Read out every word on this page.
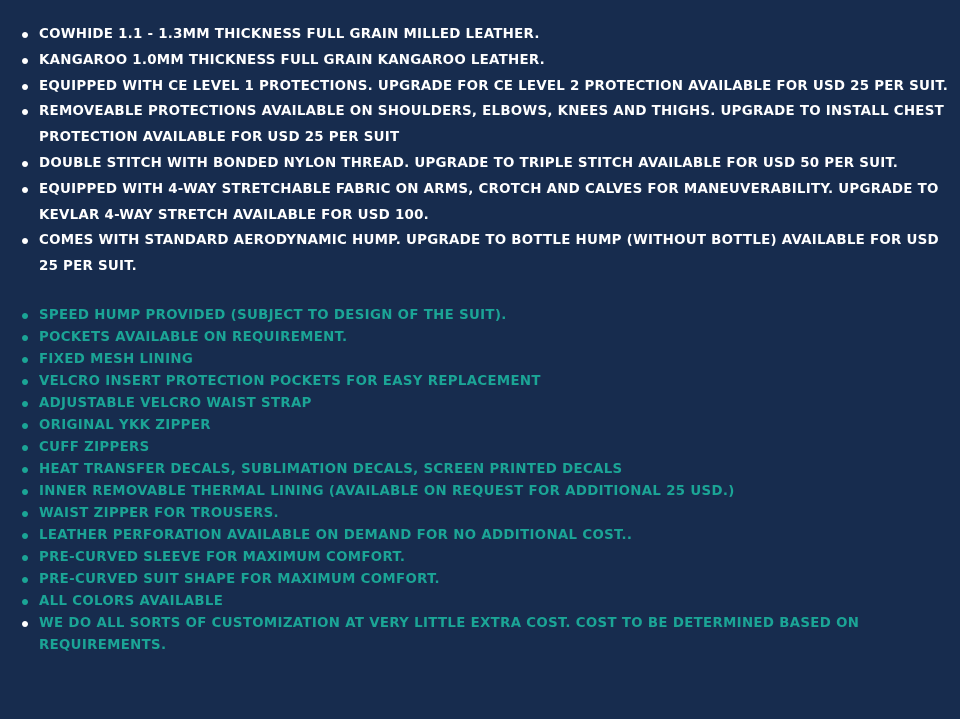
COWHIDE 1.1 - 1.3MM THICKNESS FULL GRAIN MILLED LEATHER.
KANGAROO 1.0MM THICKNESS FULL GRAIN KANGAROO LEATHER.
EQUIPPED WITH CE LEVEL 1 PROTECTIONS. UPGRADE FOR CE LEVEL 2 PROTECTION AVAILABLE FOR USD 25 PER SUIT.
REMOVEABLE PROTECTIONS AVAILABLE ON SHOULDERS, ELBOWS, KNEES AND THIGHS. UPGRADE TO INSTALL CHEST PROTECTION AVAILABLE FOR USD 25 PER SUIT
DOUBLE STITCH WITH BONDED NYLON THREAD. UPGRADE TO TRIPLE STITCH AVAILABLE FOR USD 50 PER SUIT.
EQUIPPED WITH 4-WAY STRETCHABLE FABRIC ON ARMS, CROTCH AND CALVES FOR MANEUVERABILITY. UPGRADE TO KEVLAR 4-WAY STRETCH AVAILABLE FOR USD 100.
COMES WITH STANDARD AERODYNAMIC HUMP. UPGRADE TO BOTTLE HUMP (WITHOUT BOTTLE) AVAILABLE FOR USD 25 PER SUIT.
SPEED HUMP PROVIDED (SUBJECT TO DESIGN OF THE SUIT).
POCKETS AVAILABLE ON REQUIREMENT.
FIXED MESH LINING
VELCRO INSERT PROTECTION POCKETS FOR EASY REPLACEMENT
ADJUSTABLE VELCRO WAIST STRAP
ORIGINAL YKK ZIPPER
CUFF ZIPPERS
HEAT TRANSFER DECALS, SUBLIMATION DECALS, SCREEN PRINTED DECALS
INNER REMOVABLE THERMAL LINING (AVAILABLE ON REQUEST FOR ADDITIONAL 25 USD.)
WAIST ZIPPER FOR TROUSERS.
LEATHER PERFORATION AVAILABLE ON DEMAND FOR NO ADDITIONAL COST..
PRE-CURVED SLEEVE FOR MAXIMUM COMFORT.
PRE-CURVED SUIT SHAPE FOR MAXIMUM COMFORT.
ALL COLORS AVAILABLE
WE DO ALL SORTS OF CUSTOMIZATION AT VERY LITTLE EXTRA COST. COST TO BE DETERMINED BASED ON REQUIREMENTS.
